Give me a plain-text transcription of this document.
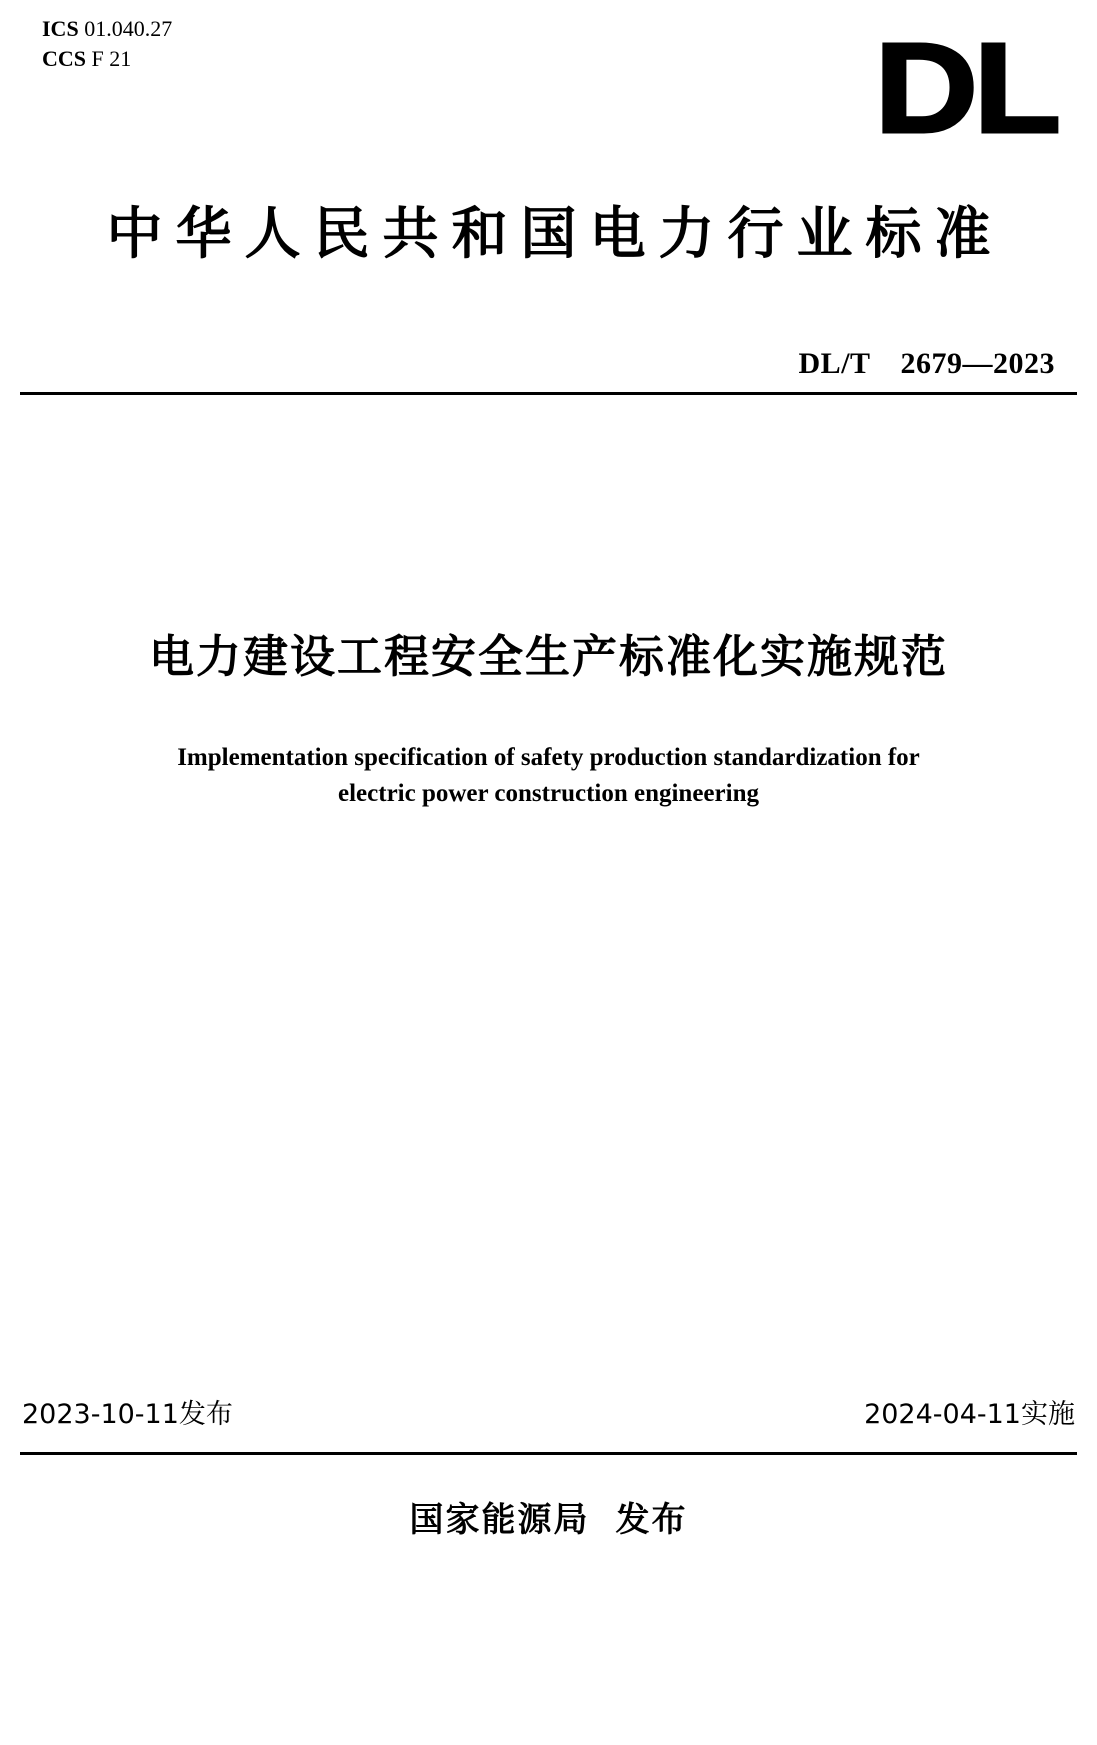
ICS 01.040.27
CCS F 21	DL
中华人民共和国电力行业标准
DL/T　2679—2023
电力建设工程安全生产标准化实施规范
Implementation specification of safety production standardization for
electric power construction engineering
2023-10-11发布	2024-04-11实施
国家能源局 发布
